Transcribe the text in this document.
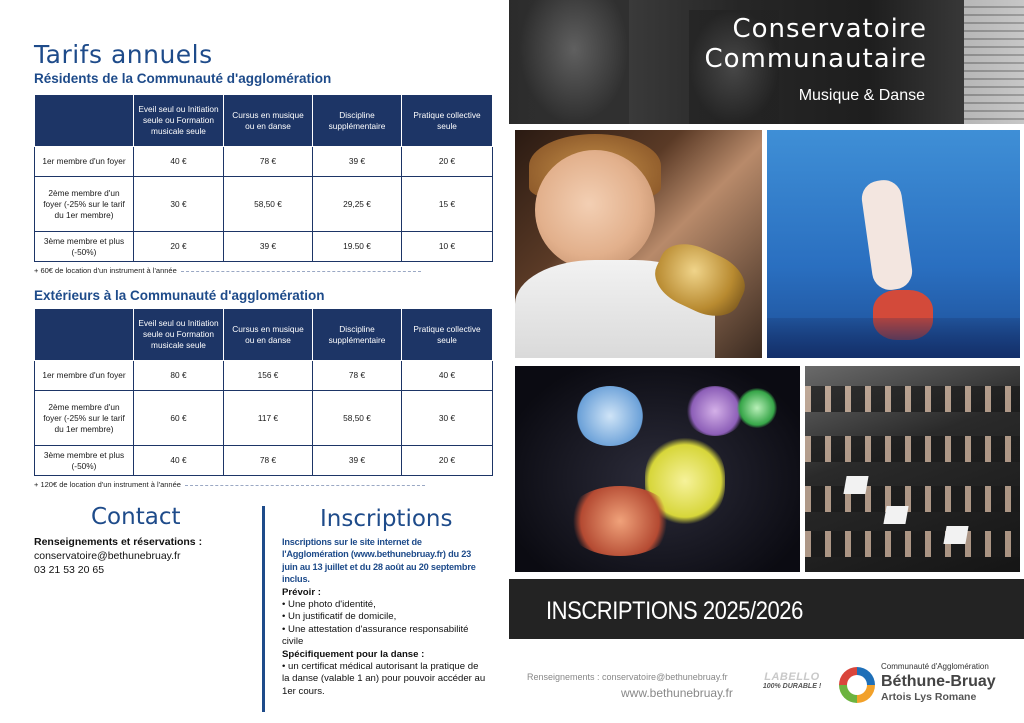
Tarifs annuels
Résidents de la Communauté d'agglomération
	Eveil seul ou Initiation seule ou Formation musicale seule	Cursus en musique ou en danse	Discipline supplémentaire	Pratique collective seule
1er membre d'un foyer	40 €	78 €	39 €	20 €
2ème membre d'un foyer (-25% sur le tarif du 1er membre)	30 €	58,50 €	29,25 €	15 €
3ème membre et plus (-50%)	20 €	39 €	19.50 €	10 €
+ 60€ de location d'un instrument à l'année
Extérieurs à la Communauté d'agglomération
	Eveil seul ou Initiation seule ou Formation musicale seule	Cursus en musique ou en danse	Discipline supplémentaire	Pratique collective seule
1er membre d'un foyer	80 €	156 €	78 €	40 €
2ème membre d'un foyer (-25% sur le tarif du 1er membre)	60 €	117 €	58,50 €	30 €
3ème membre et plus (-50%)	40 €	78 €	39 €	20 €
+ 120€ de location d'un instrument à l'année
Contact
Renseignements et réservations :
conservatoire@bethunebruay.fr
03 21 53 20 65
Inscriptions
Inscriptions sur le site internet de l'Agglomération (www.bethunebruay.fr) du 23 juin au 13 juillet et du 28 août au 20 septembre inclus.
Prévoir :
• Une photo d'identité,
• Un justificatif de domicile,
• Une attestation d'assurance responsabilité civile
Spécifiquement pour la danse :
• un certificat médical autorisant la pratique de la danse (valable 1 an) pour pouvoir accéder au 1er cours.
Conservatoire
Communautaire
Musique & Danse
INSCRIPTIONS 2025/2026
Renseignements : conservatoire@bethunebruay.fr
www.bethunebruay.fr
LABELLO
100% DURABLE !
Communauté d'Agglomération
Béthune-Bruay
Artois Lys Romane
